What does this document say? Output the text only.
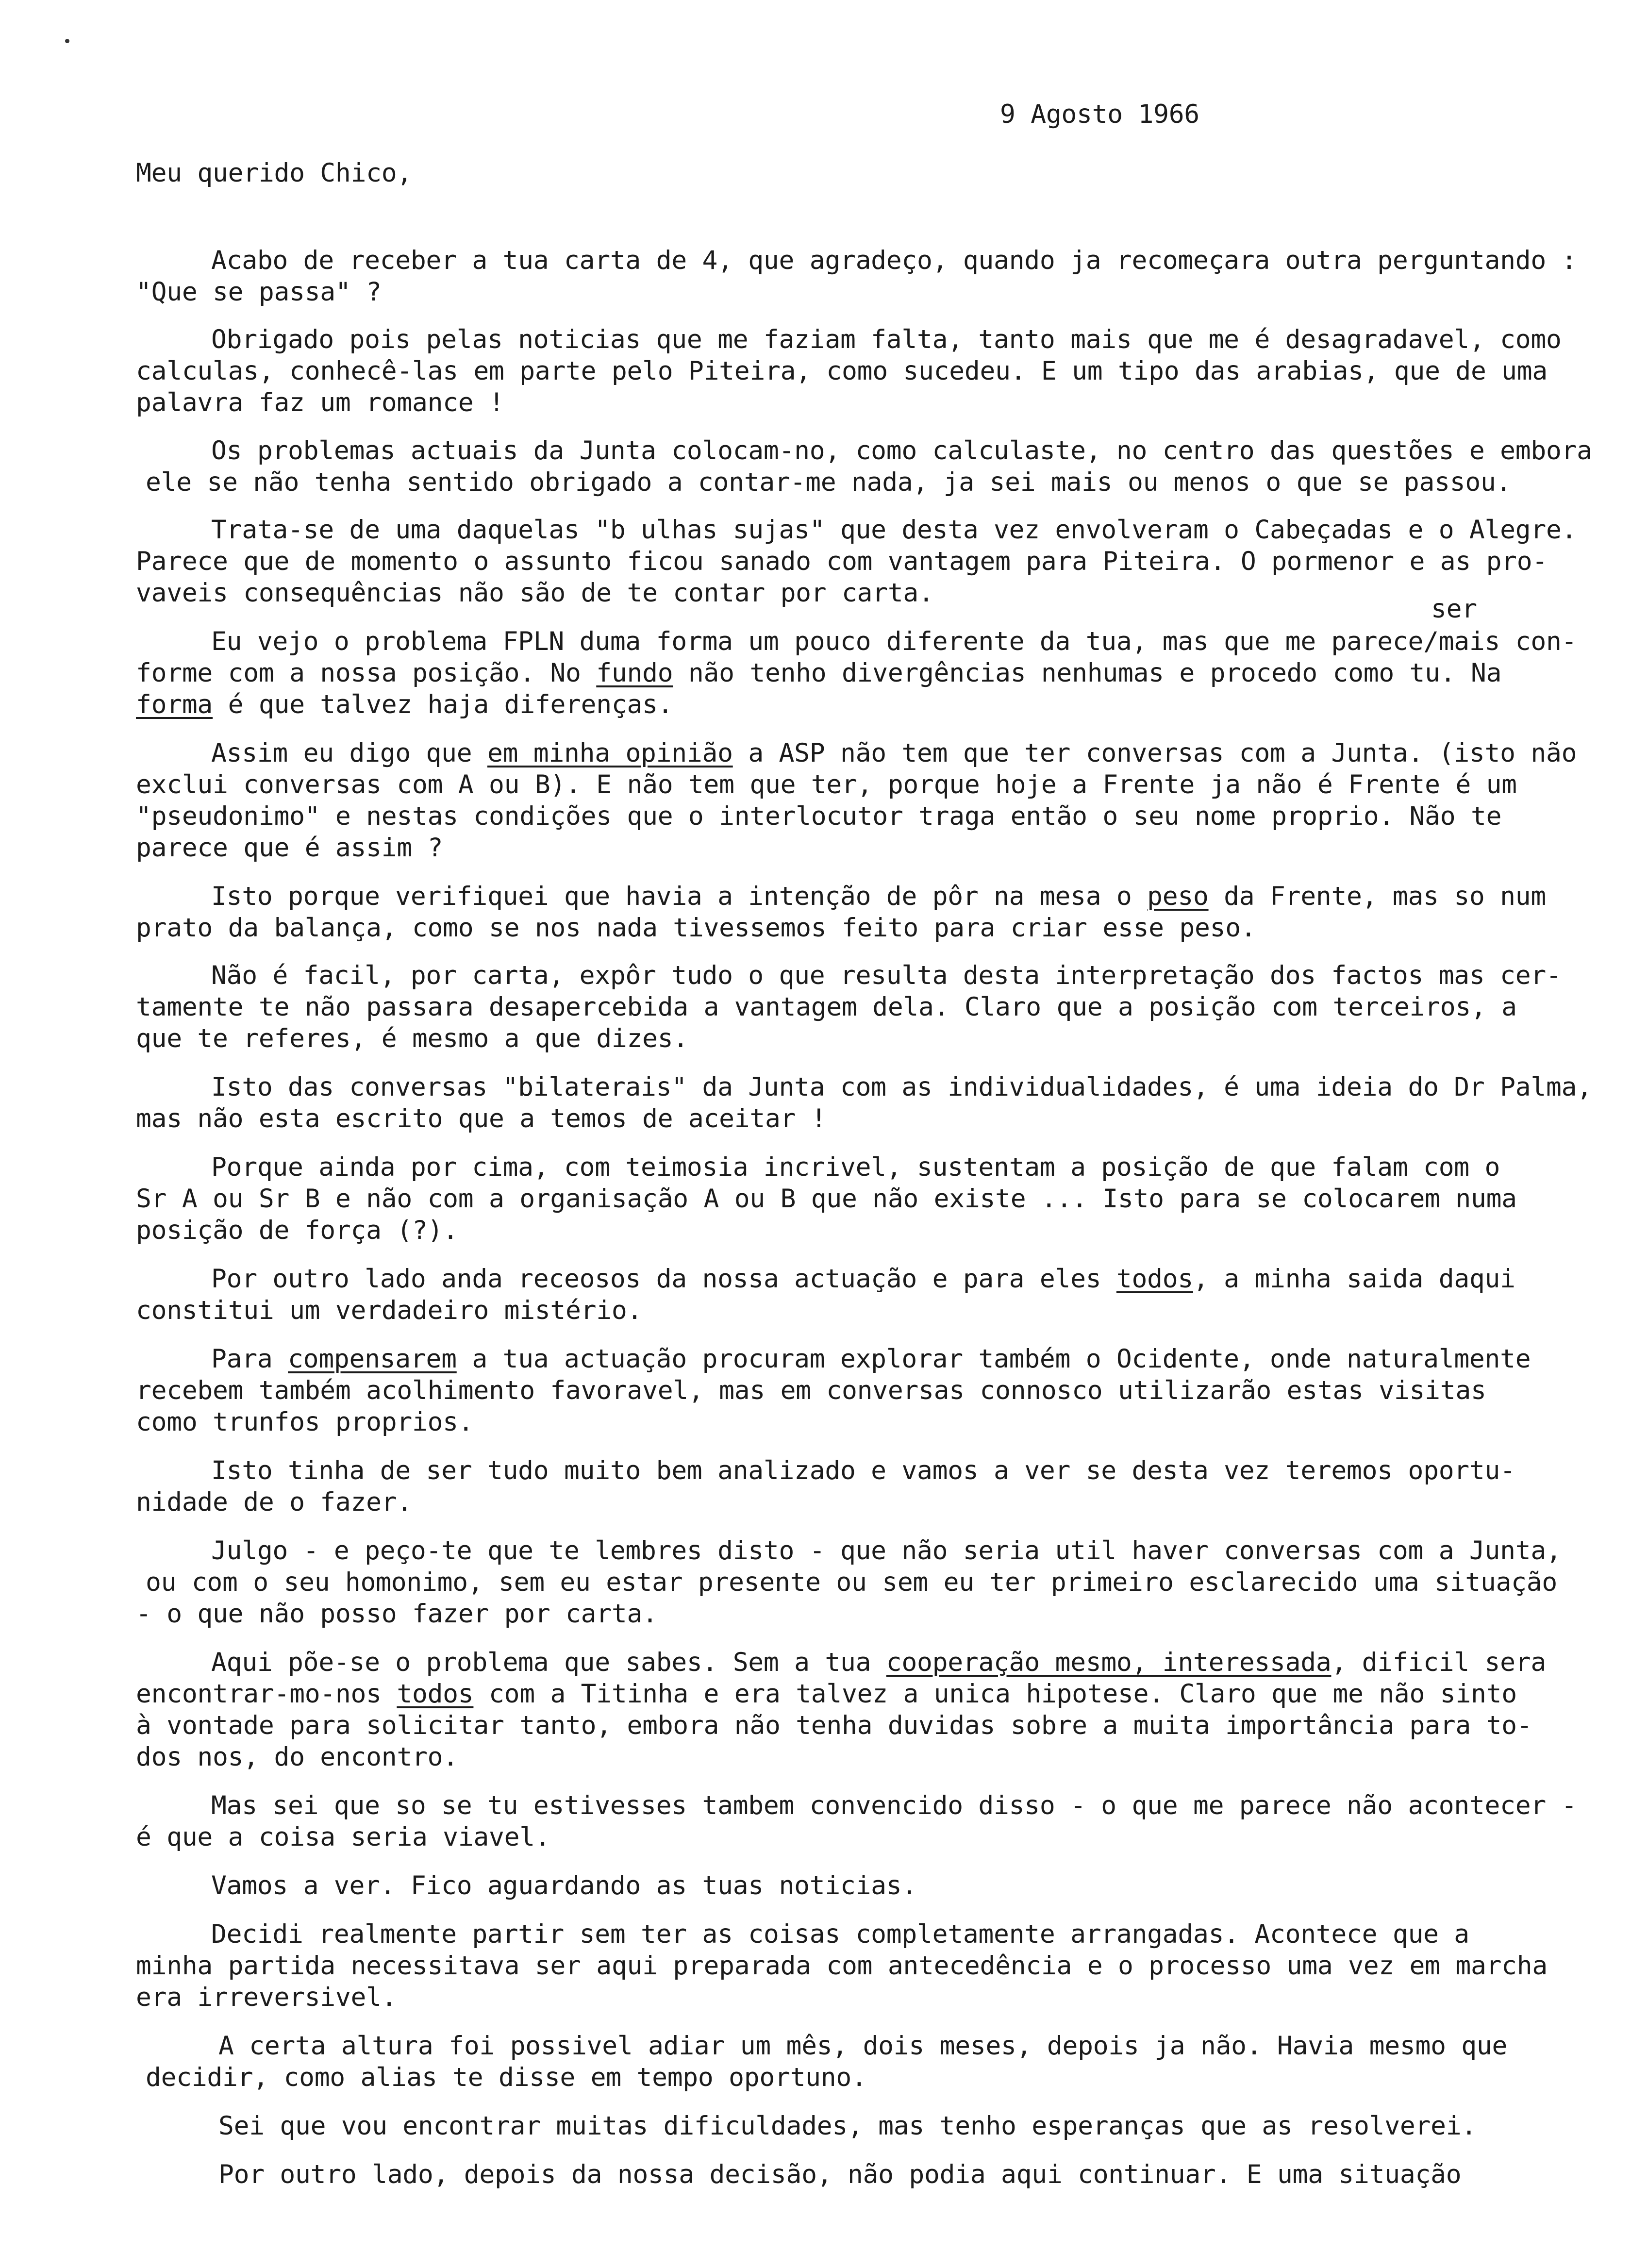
9 Agosto 1966
Meu querido Chico,
ser
Acabo de receber a tua carta de 4, que agradeço, quando ja recomeçara outra perguntando :
"Que se passa" ?
Obrigado pois pelas noticias que me faziam falta, tanto mais que me é desagradavel, como
calculas, conhecê-las em parte pelo Piteira, como sucedeu. E um tipo das arabias, que de uma
palavra faz um romance !
Os problemas actuais da Junta colocam-no, como calculaste, no centro das questões e embora
ele se não tenha sentido obrigado a contar-me nada, ja sei mais ou menos o que se passou.
Trata-se de uma daquelas "b ulhas sujas" que desta vez envolveram o Cabeçadas e o Alegre.
Parece que de momento o assunto ficou sanado com vantagem para Piteira. O pormenor e as pro-
vaveis consequências não são de te contar por carta.
Eu vejo o problema FPLN duma forma um pouco diferente da tua, mas que me parece/mais con-
forme com a nossa posição. No fundo não tenho divergências nenhumas e procedo como tu. Na
forma é que talvez haja diferenças.
Assim eu digo que em minha opinião a ASP não tem que ter conversas com a Junta. (isto não
exclui conversas com A ou B). E não tem que ter, porque hoje a Frente ja não é Frente é um
"pseudonimo" e nestas condições que o interlocutor traga então o seu nome proprio. Não te
parece que é assim ?
Isto porque verifiquei que havia a intenção de pôr na mesa o peso da Frente, mas so num
prato da balança, como se nos nada tivessemos feito para criar esse peso.
Não é facil, por carta, expôr tudo o que resulta desta interpretação dos factos mas cer-
tamente te não passara desapercebida a vantagem dela. Claro que a posição com terceiros, a
que te referes, é mesmo a que dizes.
Isto das conversas "bilaterais" da Junta com as individualidades, é uma ideia do Dr Palma,
mas não esta escrito que a temos de aceitar !
Porque ainda por cima, com teimosia incrivel, sustentam a posição de que falam com o
Sr A ou Sr B e não com a organisação A ou B que não existe ... Isto para se colocarem numa
posição de força (?).
Por outro lado anda receosos da nossa actuação e para eles todos, a minha saida daqui
constitui um verdadeiro mistério.
Para compensarem a tua actuação procuram explorar também o Ocidente, onde naturalmente
recebem também acolhimento favoravel, mas em conversas connosco utilizarão estas visitas
como trunfos proprios.
Isto tinha de ser tudo muito bem analizado e vamos a ver se desta vez teremos oportu-
nidade de o fazer.
Julgo - e peço-te que te lembres disto - que não seria util haver conversas com a Junta,
ou com o seu homonimo, sem eu estar presente ou sem eu ter primeiro esclarecido uma situação
- o que não posso fazer por carta.
Aqui põe-se o problema que sabes. Sem a tua cooperação mesmo, interessada, dificil sera
encontrar-mo-nos todos com a Titinha e era talvez a unica hipotese. Claro que me não sinto
à vontade para solicitar tanto, embora não tenha duvidas sobre a muita importância para to-
dos nos, do encontro.
Mas sei que so se tu estivesses tambem convencido disso - o que me parece não acontecer -
é que a coisa seria viavel.
Vamos a ver. Fico aguardando as tuas noticias.
Decidi realmente partir sem ter as coisas completamente arrangadas. Acontece que a
minha partida necessitava ser aqui preparada com antecedência e o processo uma vez em marcha
era irreversivel.
A certa altura foi possivel adiar um mês, dois meses, depois ja não. Havia mesmo que
decidir, como alias te disse em tempo oportuno.
Sei que vou encontrar muitas dificuldades, mas tenho esperanças que as resolverei.
Por outro lado, depois da nossa decisão, não podia aqui continuar. E uma situação
